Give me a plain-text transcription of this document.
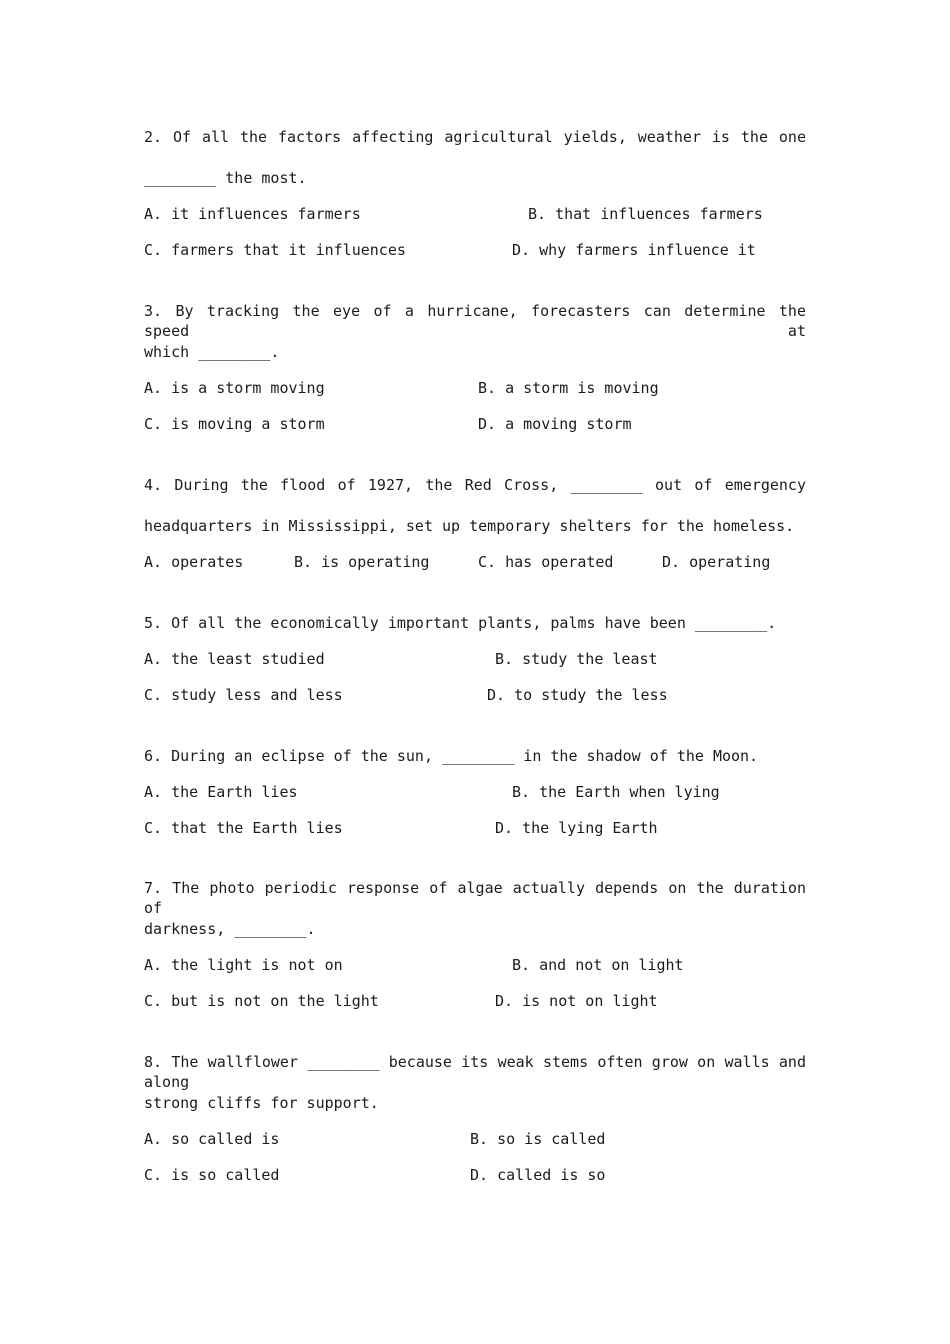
2. Of all the factors affecting agricultural yields, weather is the one
________ the most.
A. it influences farmers	B. that influences farmers
C. farmers that it influences	D. why farmers influence it
3. By tracking the eye of a hurricane, forecasters can determine the speed at
which ________.
A. is a storm moving	B. a storm is moving
C. is moving a storm	D. a moving storm
4. During the flood of 1927, the Red Cross, ________ out of emergency
headquarters in Mississippi, set up temporary shelters for the homeless.
A. operates	B. is operating	C. has operated	D. operating
5. Of all the economically important plants, palms have been ________.
A. the least studied	B. study the least
C. study less and less	D. to study the less
6. During an eclipse of the sun, ________ in the shadow of the Moon.
A. the Earth lies	B. the Earth when lying
C. that the Earth lies	D. the lying Earth
7. The photo periodic response of algae actually depends on the duration of
darkness, ________.
A. the light is not on	B. and not on light
C. but is not on the light	D. is not on light
8. The wallflower ________ because its weak stems often grow on walls and along
strong cliffs for support.
A. so called is	B. so is called
C. is so called	D. called is so
